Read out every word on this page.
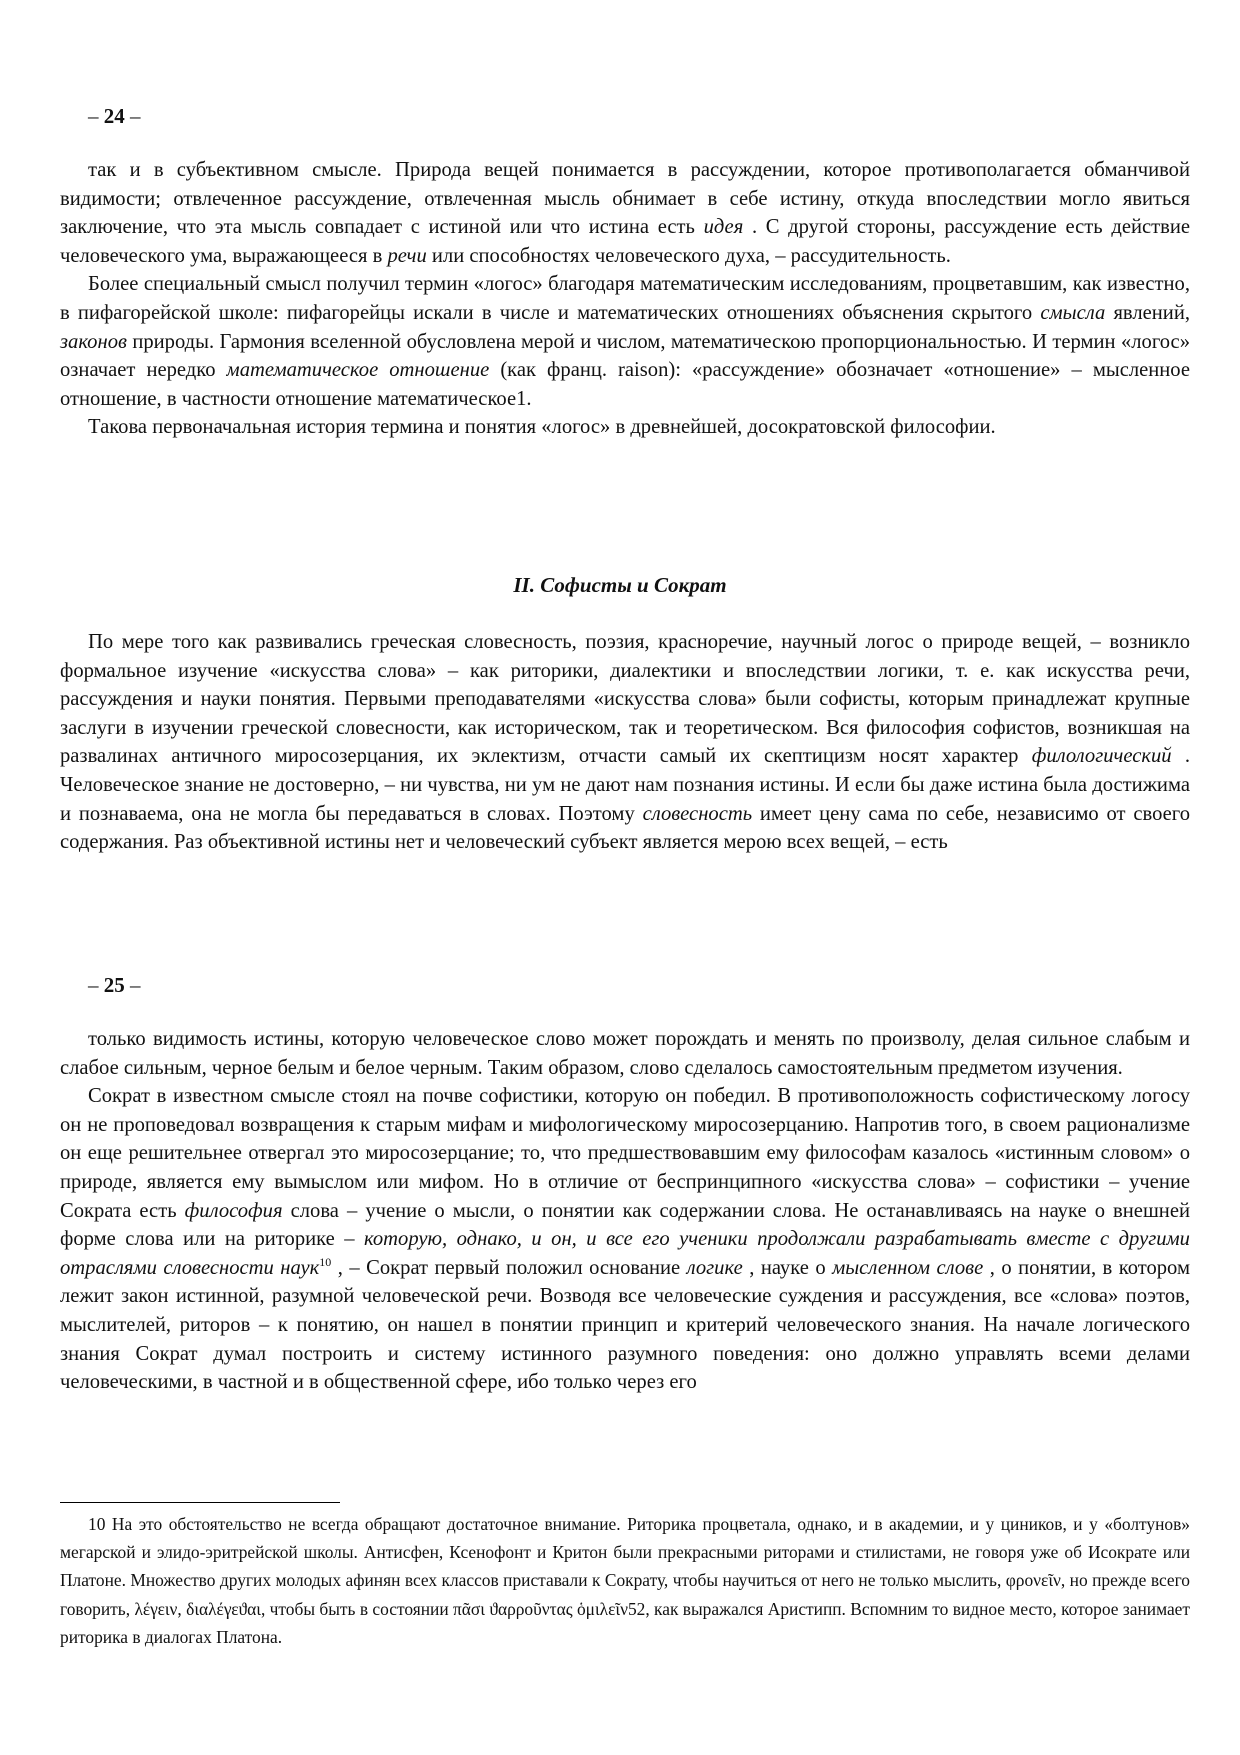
– 24 –

так и в субъективном смысле. Природа вещей понимается в рассуждении, которое противополагается обманчивой видимости; отвлеченное рассуждение, отвлеченная мысль обнимает в себе истину, откуда впоследствии могло явиться заключение, что эта мысль совпадает с истиной или что истина есть идея . С другой стороны, рассуждение есть действие человеческого ума, выражающееся в речи или способностях человеческого духа, – рассудительность.

Более специальный смысл получил термин «логос» благодаря математическим исследованиям, процветавшим, как известно, в пифагорейской школе: пифагорейцы искали в числе и математических отношениях объяснения скрытого смысла явлений, законов природы. Гармония вселенной обусловлена мерой и числом, математическою пропорциональностью. И термин «логос» означает нередко математическое отношение (как франц. raison): «рассуждение» обозначает «отношение» – мысленное отношение, в частности отношение математическое1.

Такова первоначальная история термина и понятия «логос» в древнейшей, досократовской философии.

II. Софисты и Сократ

По мере того как развивались греческая словесность, поэзия, красноречие, научный логос о природе вещей, – возникло формальное изучение «искусства слова» – как риторики, диалектики и впоследствии логики, т. е. как искусства речи, рассуждения и науки понятия. Первыми преподавателями «искусства слова» были софисты, которым принадлежат крупные заслуги в изучении греческой словесности, как историческом, так и теоретическом. Вся философия софистов, возникшая на развалинах античного миросозерцания, их эклектизм, отчасти самый их скептицизм носят характер филологический . Человеческое знание не достоверно, – ни чувства, ни ум не дают нам познания истины. И если бы даже истина была достижима и познаваема, она не могла бы передаваться в словах. Поэтому словесность имеет цену сама по себе, независимо от своего содержания. Раз объективной истины нет и человеческий субъект является мерою всех вещей, – есть

– 25 –

только видимость истины, которую человеческое слово может порождать и менять по произволу, делая сильное слабым и слабое сильным, черное белым и белое черным. Таким образом, слово сделалось самостоятельным предметом изучения.

Сократ в известном смысле стоял на почве софистики, которую он победил. В противоположность софистическому логосу он не проповедовал возвращения к старым мифам и мифологическому миросозерцанию. Напротив того, в своем рационализме он еще решительнее отвергал это миросозерцание; то, что предшествовавшим ему философам казалось «истинным словом» о природе, является ему вымыслом или мифом. Но в отличие от беспринципного «искусства слова» – софистики – учение Сократа есть философия слова – учение о мысли, о понятии как содержании слова. Не останавливаясь на науке о внешней форме слова или на риторике – которую, однако, и он, и все его ученики продолжали разрабатывать вместе с другими отраслями словесности наук$^{10}$ , – Сократ первый положил основание логике , науке о мысленном слове , о понятии, в котором лежит закон истинной, разумной человеческой речи. Возводя все человеческие суждения и рассуждения, все «слова» поэтов, мыслителей, риторов – к понятию, он нашел в понятии принцип и критерий человеческого знания. На начале логического знания Сократ думал построить и систему истинного разумного поведения: оно должно управлять всеми делами человеческими, в частной и в общественной сфере, ибо только через его

10 На это обстоятельство не всегда обращают достаточное внимание. Риторика процветала, однако, и в академии, и у циников, и у «болтунов» мегарской и элидо-эритрейской школы. Антисфен, Ксенофонт и Критон были прекрасными риторами и стилистами, не говоря уже об Исократе или Платоне. Множество других молодых афинян всех классов приставали к Сократу, чтобы научиться от него не только мыслить, φρονεῖν, но прежде всего говорить, λέγειν, διαλέγεϑαι, чтобы быть в состоянии πᾶσι ϑαρροῦντας ὁμιλεῖν52, как выражался Аристипп. Вспомним то видное место, которое занимает риторика в диалогах Платона.
